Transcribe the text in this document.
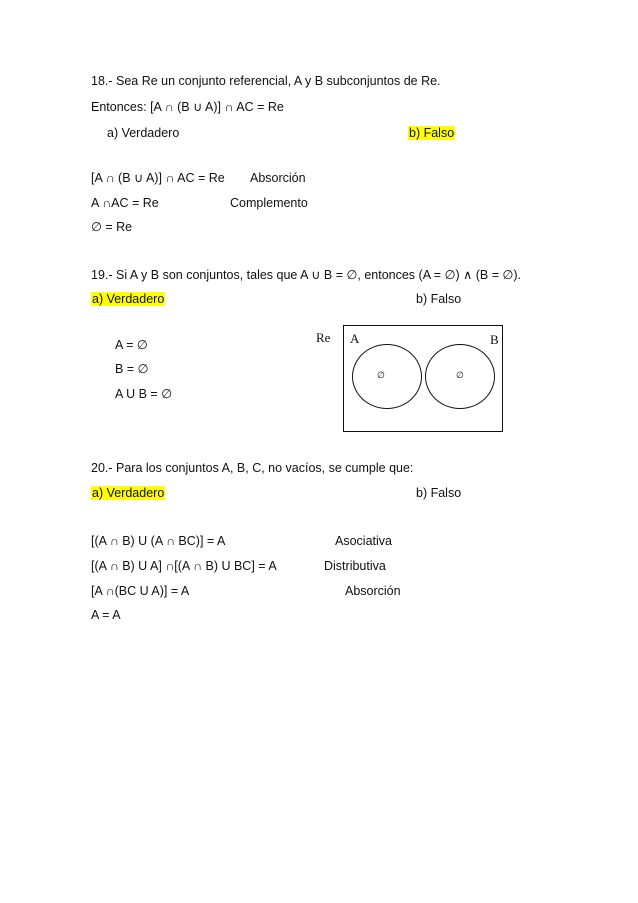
18.- Sea Re un conjunto referencial, A y B subconjuntos de Re.
Entonces: [A ∩ (B ∪ A)] ∩ AC = Re
a) Verdadero	b) Falso
[A ∩ (B ∪ A)] ∩ AC = Re Absorción
A ∩AC = Re	Complemento
∅ = Re
19.- Si A y B son conjuntos, tales que A ∪ B = ∅, entonces (A = ∅) ∧ (B = ∅).
a) Verdadero	b) Falso
A = ∅
B = ∅
A U B = ∅
Re A	B
∅	∅
20.- Para los conjuntos A, B, C, no vacíos, se cumple que:
a) Verdadero	b) Falso
[(A ∩ B) U (A ∩ BC)] = A	Asociativa
[(A ∩ B) U A] ∩[(A ∩ B) U BC] = A	Distributiva
[A ∩(BC U A)] = A	Absorción
A = A
